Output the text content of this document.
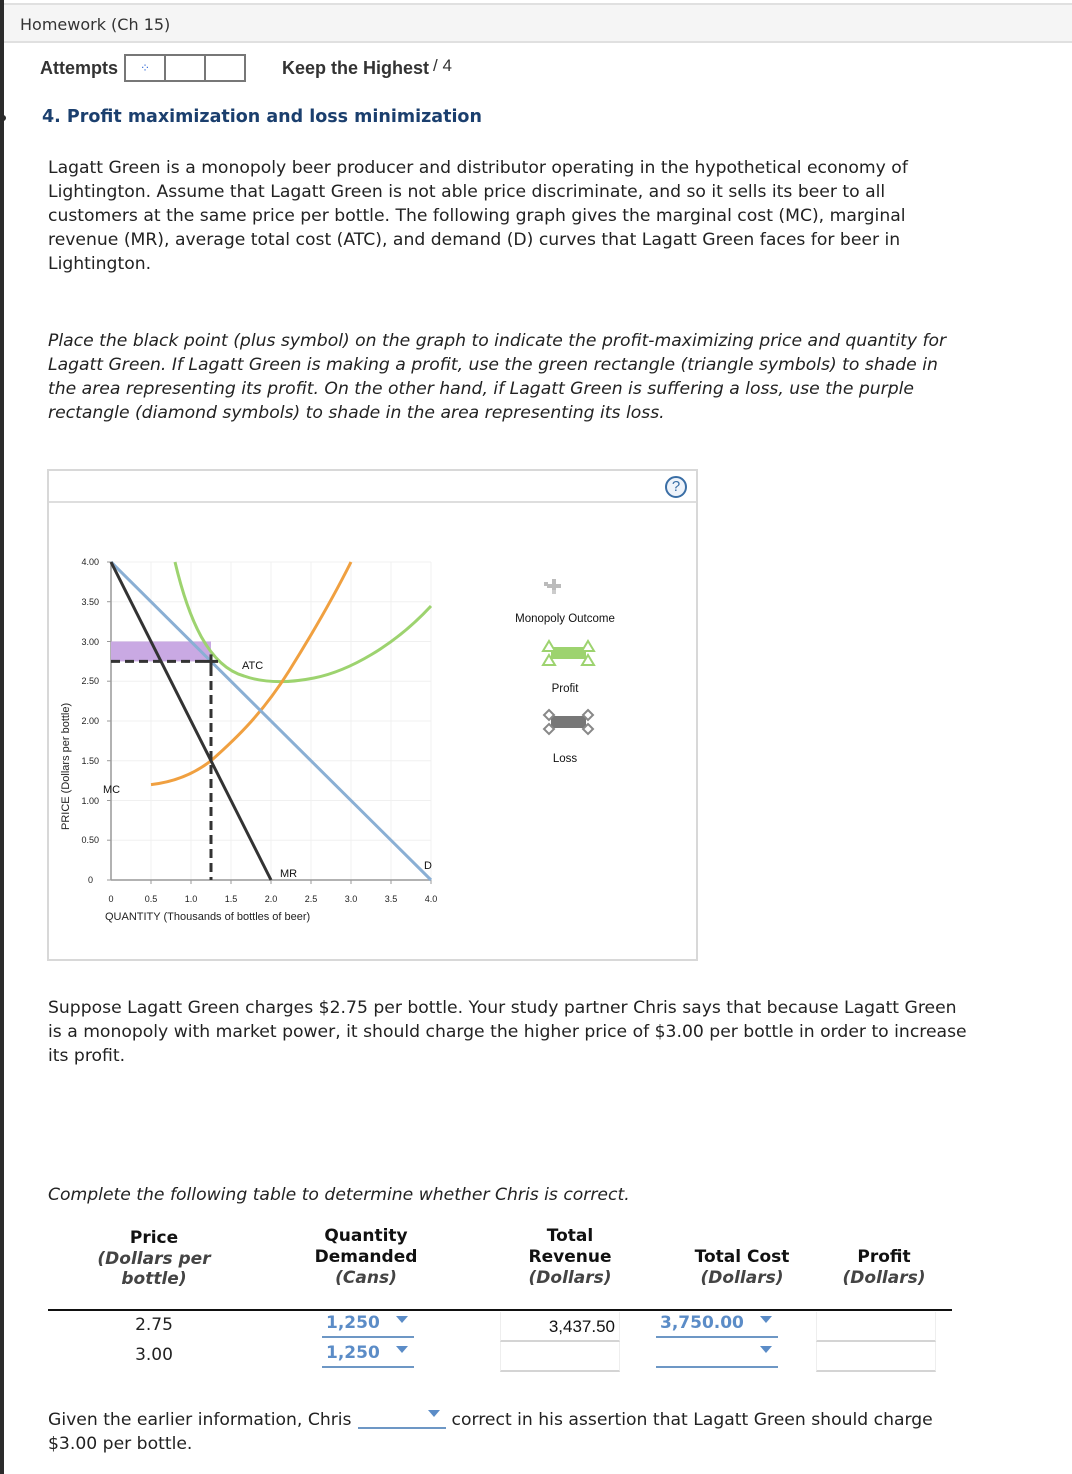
Homework (Ch 15)
Attempts ⁘	Keep the Highest / 4
4. Profit maximization and loss minimization
Lagatt Green is a monopoly beer producer and distributor operating in the hypothetical economy of Lightington. Assume that Lagatt Green is not able price discriminate, and so it sells its beer to all customers at the same price per bottle. The following graph gives the marginal cost (MC), marginal revenue (MR), average total cost (ATC), and demand (D) curves that Lagatt Green faces for beer in Lightington.
Place the black point (plus symbol) on the graph to indicate the profit-maximizing price and quantity for Lagatt Green. If Lagatt Green is making a profit, use the green rectangle (triangle symbols) to shade in the area representing its profit. On the other hand, if Lagatt Green is suffering a loss, use the purple rectangle (diamond symbols) to shade in the area representing its loss.
?
4.00
3.50
3.00
2.50
2.00
1.50
1.00
0.50
0
0	0.5	1.0	1.5	2.0	2.5	3.0	3.5	4.0
QUANTITY (Thousands of bottles of beer)
PRICE (Dollars per bottle)
ATC
MC
MR
D
Monopoly Outcome
Profit
Loss
Suppose Lagatt Green charges $2.75 per bottle. Your study partner Chris says that because Lagatt Green is a monopoly with market power, it should charge the higher price of $3.00 per bottle in order to increase its profit.
Complete the following table to determine whether Chris is correct.
Price
(Dollars per bottle)

Quantity Demanded
(Cans)

Total Revenue
(Dollars)

Total Cost
(Dollars)

Profit
(Dollars)
2.75	1,250	3,437.50	3,750.00
3.00	1,250
Given the earlier information, Chris	correct in his assertion that Lagatt Green should charge $3.00 per bottle.
